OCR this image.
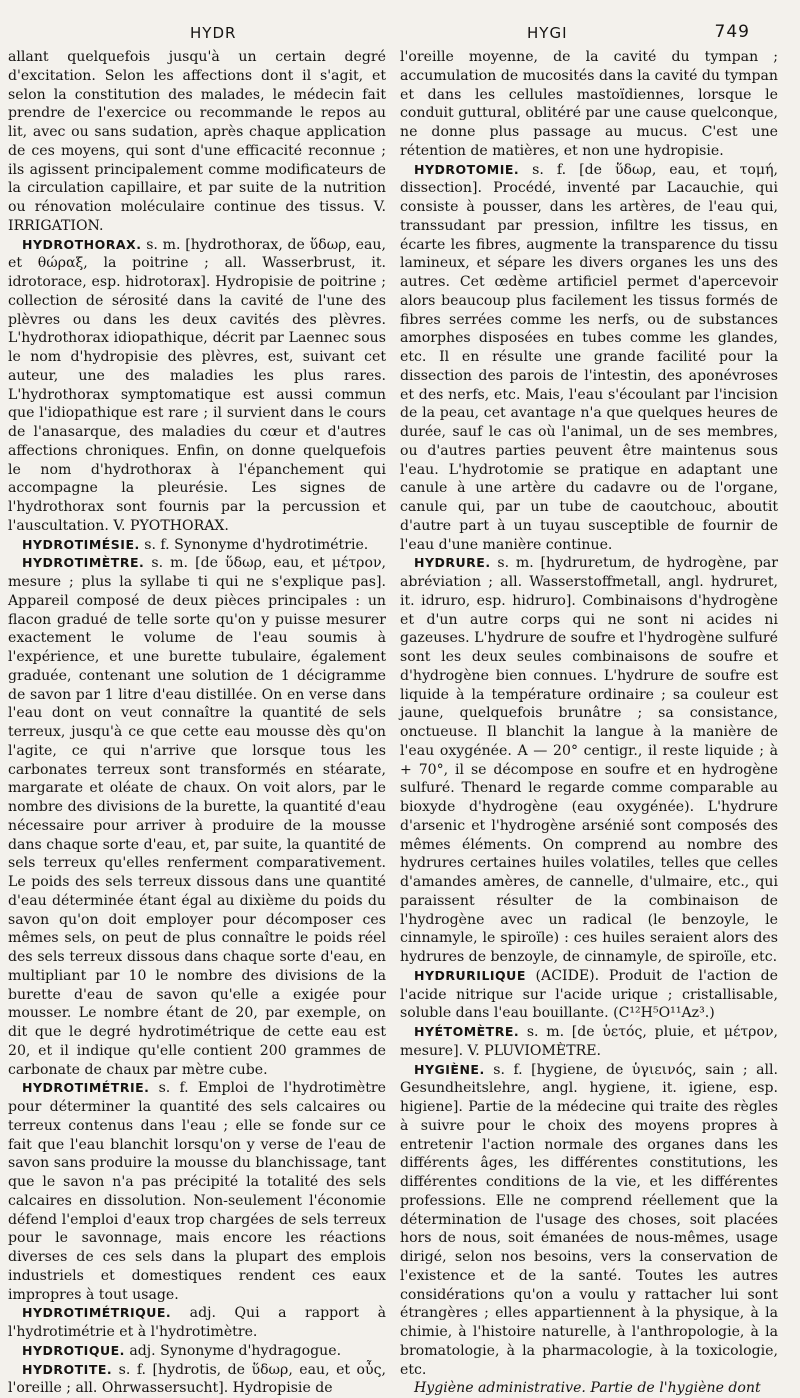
HYDR	HYGI	749

allant quelquefois jusqu'à un certain degré d'excitation. Selon les affections dont il s'agit, et selon la constitution des malades, le médecin fait prendre de l'exercice ou recommande le repos au lit, avec ou sans sudation, après chaque application de ces moyens, qui sont d'une efficacité reconnue ; ils agissent principalement comme modificateurs de la circulation capillaire, et par suite de la nutrition ou rénovation moléculaire continue des tissus. V. IRRIGATION.

HYDROTHORAX. s. m. [hydrothorax, de ὕδωρ, eau, et θώραξ, la poitrine ; all. Wasserbrust, it. idrotorace, esp. hidrotorax]. Hydropisie de poitrine ; collection de sérosité dans la cavité de l'une des plèvres ou dans les deux cavités des plèvres. L'hydrothorax idiopathique, décrit par Laennec sous le nom d'hydropisie des plèvres, est, suivant cet auteur, une des maladies les plus rares. L'hydrothorax symptomatique est aussi commun que l'idiopathique est rare ; il survient dans le cours de l'anasarque, des maladies du cœur et d'autres affections chroniques. Enfin, on donne quelquefois le nom d'hydrothorax à l'épanchement qui accompagne la pleurésie. Les signes de l'hydrothorax sont fournis par la percussion et l'auscultation. V. PYOTHORAX.

HYDROTIMÉSIE. s. f. Synonyme d'hydrotimétrie.

HYDROTIMÈTRE. s. m. [de ὕδωρ, eau, et μέτρον, mesure ; plus la syllabe ti qui ne s'explique pas]. Appareil composé de deux pièces principales : un flacon gradué de telle sorte qu'on y puisse mesurer exactement le volume de l'eau soumis à l'expérience, et une burette tubulaire, également graduée, contenant une solution de 1 décigramme de savon par 1 litre d'eau distillée. On en verse dans l'eau dont on veut connaître la quantité de sels terreux, jusqu'à ce que cette eau mousse dès qu'on l'agite, ce qui n'arrive que lorsque tous les carbonates terreux sont transformés en stéarate, margarate et oléate de chaux. On voit alors, par le nombre des divisions de la burette, la quantité d'eau nécessaire pour arriver à produire de la mousse dans chaque sorte d'eau, et, par suite, la quantité de sels terreux qu'elles renferment comparativement. Le poids des sels terreux dissous dans une quantité d'eau déterminée étant égal au dixième du poids du savon qu'on doit employer pour décomposer ces mêmes sels, on peut de plus connaître le poids réel des sels terreux dissous dans chaque sorte d'eau, en multipliant par 10 le nombre des divisions de la burette d'eau de savon qu'elle a exigée pour mousser. Le nombre étant de 20, par exemple, on dit que le degré hydrotimétrique de cette eau est 20, et il indique qu'elle contient 200 grammes de carbonate de chaux par mètre cube.

HYDROTIMÉTRIE. s. f. Emploi de l'hydrotimètre pour déterminer la quantité des sels calcaires ou terreux contenus dans l'eau ; elle se fonde sur ce fait que l'eau blanchit lorsqu'on y verse de l'eau de savon sans produire la mousse du blanchissage, tant que le savon n'a pas précipité la totalité des sels calcaires en dissolution. Non-seulement l'économie défend l'emploi d'eaux trop chargées de sels terreux pour le savonnage, mais encore les réactions diverses de ces sels dans la plupart des emplois industriels et domestiques rendent ces eaux impropres à tout usage.

HYDROTIMÉTRIQUE. adj. Qui a rapport à l'hydrotimétrie et à l'hydrotimètre.

HYDROTIQUE. adj. Synonyme d'hydragogue.

HYDROTITE. s. f. [hydrotis, de ὕδωρ, eau, et οὖς, l'oreille ; all. Ohrwassersucht]. Hydropisie de

l'oreille moyenne, de la cavité du tympan ; accumulation de mucosités dans la cavité du tympan et dans les cellules mastoïdiennes, lorsque le conduit guttural, oblitéré par une cause quelconque, ne donne plus passage au mucus. C'est une rétention de matières, et non une hydropisie.

HYDROTOMIE. s. f. [de ὕδωρ, eau, et τομή, dissection]. Procédé, inventé par Lacauchie, qui consiste à pousser, dans les artères, de l'eau qui, transsudant par pression, infiltre les tissus, en écarte les fibres, augmente la transparence du tissu lamineux, et sépare les divers organes les uns des autres. Cet œdème artificiel permet d'apercevoir alors beaucoup plus facilement les tissus formés de fibres serrées comme les nerfs, ou de substances amorphes disposées en tubes comme les glandes, etc. Il en résulte une grande facilité pour la dissection des parois de l'intestin, des aponévroses et des nerfs, etc. Mais, l'eau s'écoulant par l'incision de la peau, cet avantage n'a que quelques heures de durée, sauf le cas où l'animal, un de ses membres, ou d'autres parties peuvent être maintenus sous l'eau. L'hydrotomie se pratique en adaptant une canule à une artère du cadavre ou de l'organe, canule qui, par un tube de caoutchouc, aboutit d'autre part à un tuyau susceptible de fournir de l'eau d'une manière continue.

HYDRURE. s. m. [hydruretum, de hydrogène, par abréviation ; all. Wasserstoffmetall, angl. hydruret, it. idruro, esp. hidruro]. Combinaisons d'hydrogène et d'un autre corps qui ne sont ni acides ni gazeuses. L'hydrure de soufre et l'hydrogène sulfuré sont les deux seules combinaisons de soufre et d'hydrogène bien connues. L'hydrure de soufre est liquide à la température ordinaire ; sa couleur est jaune, quelquefois brunâtre ; sa consistance, onctueuse. Il blanchit la langue à la manière de l'eau oxygénée. A — 20° centigr., il reste liquide ; à + 70°, il se décompose en soufre et en hydrogène sulfuré. Thenard le regarde comme comparable au bioxyde d'hydrogène (eau oxygénée). L'hydrure d'arsenic et l'hydrogène arsénié sont composés des mêmes éléments. On comprend au nombre des hydrures certaines huiles volatiles, telles que celles d'amandes amères, de cannelle, d'ulmaire, etc., qui paraissent résulter de la combinaison de l'hydrogène avec un radical (le benzoyle, le cinnamyle, le spiroïle) : ces huiles seraient alors des hydrures de benzoyle, de cinnamyle, de spiroïle, etc.

HYDRURILIQUE (ACIDE). Produit de l'action de l'acide nitrique sur l'acide urique ; cristallisable, soluble dans l'eau bouillante. (C¹²H⁵O¹¹Az³.)

HYÉTOMÈTRE. s. m. [de ὑετός, pluie, et μέτρον, mesure]. V. PLUVIOMÈTRE.

HYGIÈNE. s. f. [hygiene, de ὑγιεινός, sain ; all. Gesundheitslehre, angl. hygiene, it. igiene, esp. higiene]. Partie de la médecine qui traite des règles à suivre pour le choix des moyens propres à entretenir l'action normale des organes dans les différents âges, les différentes constitutions, les différentes conditions de la vie, et les différentes professions. Elle ne comprend réellement que la détermination de l'usage des choses, soit placées hors de nous, soit émanées de nous-mêmes, usage dirigé, selon nos besoins, vers la conservation de l'existence et de la santé. Toutes les autres considérations qu'on a voulu y rattacher lui sont étrangères ; elles appartiennent à la physique, à la chimie, à l'histoire naturelle, à l'anthropologie, à la bromatologie, à la pharmacologie, à la toxicologie, etc.

Hygiène administrative. Partie de l'hygiène dont
